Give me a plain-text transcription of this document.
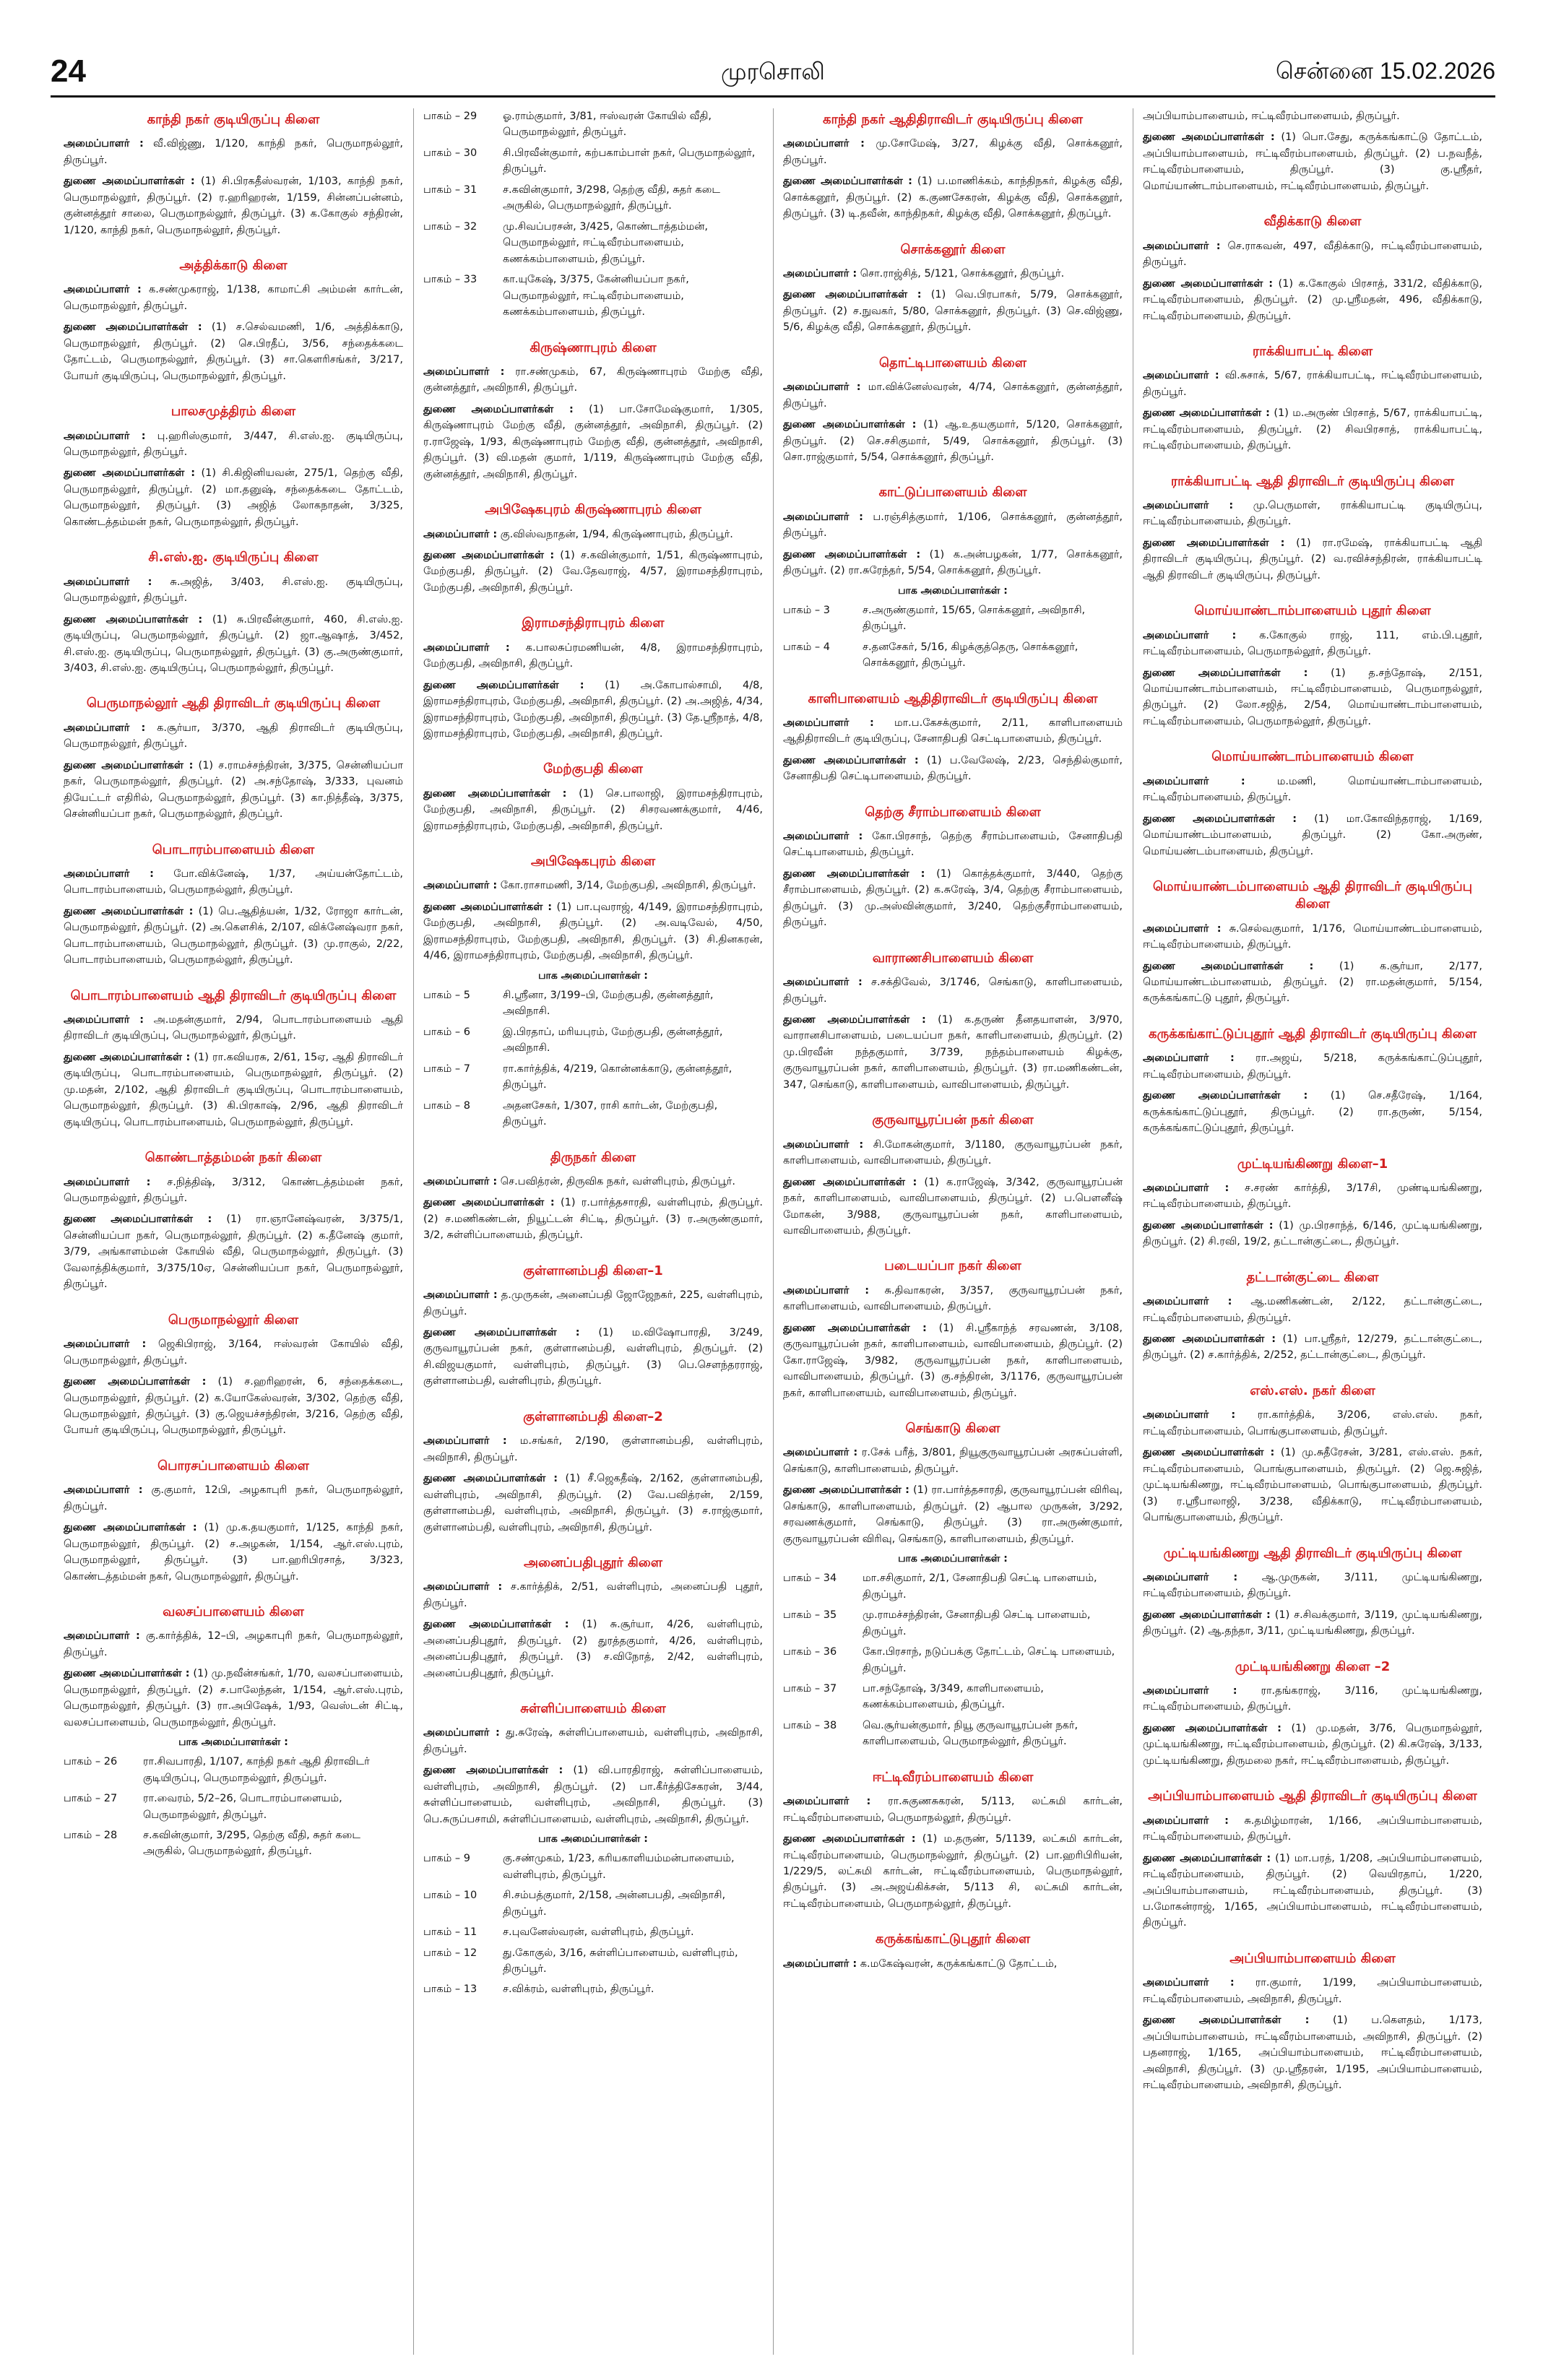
24	முரசொலி	சென்னை 15.02.2026
காந்தி நகர் குடியிருப்பு கிளை
அமைப்பாளர் : வீ.விஜ்ணு, 1/120, காந்தி நகர், பெருமாநல்லூர், திருப்பூர்.
துணை அமைப்பாளர்கள் : (1) சி.பிரகதீஸ்வரன், 1/103, காந்தி நகர், பெருமாநல்லூர், திருப்பூர். (2) ர.ஹரிஹரன், 1/159, சின்னப்பன்னம், குன்னத்தூர் சாலை, பெருமாநல்லூர், திருப்பூர். (3) க.கோகுல் சந்திரன், 1/120, காந்தி நகர், பெருமாநல்லூர், திருப்பூர்.
அத்திக்காடு கிளை
அமைப்பாளர் : க.சண்முகராஜ், 1/138, காமாட்சி அம்மன் கார்டன், பெருமாநல்லூர், திருப்பூர்.
துணை அமைப்பாளர்கள் : (1) ச.செல்வமணி, 1/6, அத்திக்காடு, பெருமாநல்லூர், திருப்பூர். (2) செ.பிரதீப், 3/56, சந்தைக்கடை தோட்டம், பெருமாநல்லூர், திருப்பூர். (3) சா.கௌரிசங்கர், 3/217, போயர் குடியிருப்பு, பெருமாநல்லூர், திருப்பூர்.
பாலசமுத்திரம் கிளை
அமைப்பாளர் : பு.ஹரிஸ்குமார், 3/447, சி.எஸ்.ஐ. குடியிருப்பு, பெருமாநல்லூர், திருப்பூர்.
துணை அமைப்பாளர்கள் : (1) சி.கிஜினியவன், 275/1, தெற்கு வீதி, பெருமாநல்லூர், திருப்பூர். (2) மா.தனுஷ், சந்தைக்கடை தோட்டம், பெருமாநல்லூர், திருப்பூர். (3) அஜித் லோகநாதன், 3/325, கொண்டத்தம்மன் நகர், பெருமாநல்லூர், திருப்பூர்.
சி.எஸ்.ஐ. குடியிருப்பு கிளை
அமைப்பாளர் : சு.அஜித், 3/403, சி.எஸ்.ஐ. குடியிருப்பு, பெருமாநல்லூர், திருப்பூர்.
துணை அமைப்பாளர்கள் : (1) சு.பிரவீன்குமார், 460, சி.எஸ்.ஐ. குடியிருப்பு, பெருமாநல்லூர், திருப்பூர். (2) ஜா.ஆஷாத், 3/452, சி.எஸ்.ஐ. குடியிருப்பு, பெருமாநல்லூர், திருப்பூர். (3) கு.அருண்குமார், 3/403, சி.எஸ்.ஐ. குடியிருப்பு, பெருமாநல்லூர், திருப்பூர்.
பெருமாநல்லூர் ஆதி திராவிடர் குடியிருப்பு கிளை
அமைப்பாளர் : க.சூர்யா, 3/370, ஆதி திராவிடர் குடியிருப்பு, பெருமாநல்லூர், திருப்பூர்.
துணை அமைப்பாளர்கள் : (1) ச.ராமச்சந்திரன், 3/375, சென்னியப்பா நகர், பெருமாநல்லூர், திருப்பூர். (2) அ.சந்தோஷ், 3/333, புவனம் தியேட்டர் எதிரில், பெருமாநல்லூர், திருப்பூர். (3) கா.நித்தீஷ், 3/375, சென்னியப்பா நகர், பெருமாநல்லூர், திருப்பூர்.
பொடாரம்பாளையம் கிளை
அமைப்பாளர் : போ.விக்னேஷ், 1/37, அய்யன்தோட்டம், பொடாரம்பாளையம், பெருமாநல்லூர், திருப்பூர்.
துணை அமைப்பாளர்கள் : (1) பெ.ஆதித்யன், 1/32, ரோஜா கார்டன், பெருமாநல்லூர், திருப்பூர். (2) அ.கௌசிக், 2/107, விக்னேஷ்வரா நகர், பொடாரம்பாளையம், பெருமாநல்லூர், திருப்பூர். (3) மு.ராகுல், 2/22, பொடாரம்பாளையம், பெருமாநல்லூர், திருப்பூர்.
பொடாரம்பாளையம் ஆதி திராவிடர் குடியிருப்பு கிளை
அமைப்பாளர் : அ.மதன்குமார், 2/94, பொடாரம்பாளையம் ஆதி திராவிடர் குடியிருப்பு, பெருமாநல்லூர், திருப்பூர்.
துணை அமைப்பாளர்கள் : (1) ரா.கவியரசு, 2/61, 15ஏ, ஆதி திராவிடர் குடியிருப்பு, பொடாரம்பாளையம், பெருமாநல்லூர், திருப்பூர். (2) மு.மதன், 2/102, ஆதி திராவிடர் குடியிருப்பு, பொடாரம்பாளையம், பெருமாநல்லூர், திருப்பூர். (3) கி.பிரகாஷ், 2/96, ஆதி திராவிடர் குடியிருப்பு, பொடாரம்பாளையம், பெருமாநல்லூர், திருப்பூர்.
கொண்டாத்தம்மன் நகர் கிளை
அமைப்பாளர் : ச.நித்திஷ், 3/312, கொண்டத்தம்மன் நகர், பெருமாநல்லூர், திருப்பூர்.
துணை அமைப்பாளர்கள் : (1) ரா.ஞானேஷ்வரன், 3/375/1, சென்னியப்பா நகர், பெருமாநல்லூர், திருப்பூர். (2) க.தீனேஷ் குமார், 3/79, அங்காளம்மன் கோயில் வீதி, பெருமாநல்லூர், திருப்பூர். (3) வேலாத்திக்குமார், 3/375/10ஏ, சென்னியப்பா நகர், பெருமாநல்லூர், திருப்பூர்.
பெருமாநல்லூர் கிளை
அமைப்பாளர் : ஜெகிபிராஜ், 3/164, ஈஸ்வரன் கோயில் வீதி, பெருமாநல்லூர், திருப்பூர்.
துணை அமைப்பாளர்கள் : (1) ச.ஹரிஹரன், 6, சந்தைக்கடை, பெருமாநல்லூர், திருப்பூர். (2) க.யோகேஸ்வரன், 3/302, தெற்கு வீதி, பெருமாநல்லூர், திருப்பூர். (3) கு.ஜெயச்சந்திரன், 3/216, தெற்கு வீதி, போயர் குடியிருப்பு, பெருமாநல்லூர், திருப்பூர்.
பொரசப்பாளையம் கிளை
அமைப்பாளர் : கு.குமார், 12பி, அழகாபுரி நகர், பெருமாநல்லூர், திருப்பூர்.
துணை அமைப்பாளர்கள் : (1) மு.க.தயகுமார், 1/125, காந்தி நகர், பெருமாநல்லூர், திருப்பூர். (2) ச.அழகன், 1/154, ஆர்.எஸ்.புரம், பெருமாநல்லூர், திருப்பூர். (3) பா.ஹரிபிரசாத், 3/323, கொண்டத்தம்மன் நகர், பெருமாநல்லூர், திருப்பூர்.
வலசப்பாளையம் கிளை
அமைப்பாளர் : கு.கார்த்திக், 12–பி, அழகாபுரி நகர், பெருமாநல்லூர், திருப்பூர்.
துணை அமைப்பாளர்கள் : (1) மு.நவீன்சங்கர், 1/70, வலசப்பாளையம், பெருமாநல்லூர், திருப்பூர். (2) ச.பாலேந்தன், 1/154, ஆர்.எஸ்.புரம், பெருமாநல்லூர், திருப்பூர். (3) ரா.அபிஷேக், 1/93, வெஸ்டன் சிட்டி, வலசப்பாளையம், பெருமாநல்லூர், திருப்பூர்.
பாக அமைப்பாளர்கள் :
பாகம் – 26	ரா.சிவபாரதி, 1/107, காந்தி நகர் ஆதி திராவிடர் குடியிருப்பு, பெருமாநல்லூர், திருப்பூர்.
பாகம் – 27	ரா.வைரம், 5/2–26, பொடாரம்பாளையம், பெருமாநல்லூர், திருப்பூர்.
பாகம் – 28	ச.கவின்குமார், 3/295, தெற்கு வீதி, சுதர் கடை அருகில், பெருமாநல்லூர், திருப்பூர்.
பாகம் – 29	ஓ.ராம்குமார், 3/81, ஈஸ்வரன் கோயில் வீதி, பெருமாநல்லூர், திருப்பூர்.
பாகம் – 30	சி.பிரவீன்குமார், கற்பகாம்பாள் நகர், பெருமாநல்லூர், திருப்பூர்.
பாகம் – 31	ச.கவின்குமார், 3/298, தெற்கு வீதி, சுதர் கடை அருகில், பெருமாநல்லூர், திருப்பூர்.
பாகம் – 32	மு.சிவப்பரசன், 3/425, கொண்டாத்தம்மன், பெருமாநல்லூர், ஈட்டிவீரம்பாளையம், கணக்கம்பாளையம், திருப்பூர்.
பாகம் – 33	கா.யுகேஷ், 3/375, கேன்னியப்பா நகர், பெருமாநல்லூர், ஈட்டிவீரம்பாளையம், கணக்கம்பாளையம், திருப்பூர்.
கிருஷ்ணாபுரம் கிளை
அமைப்பாளர் : ரா.சண்முகம், 67, கிருஷ்ணாபுரம் மேற்கு வீதி, குன்னத்தூர், அவிநாசி, திருப்பூர்.
துணை அமைப்பாளர்கள் : (1) பா.சோமேஷ்குமார், 1/305, கிருஷ்ணாபுரம் மேற்கு வீதி, குன்னத்தூர், அவிநாசி, திருப்பூர். (2) ர.ராஜேஷ், 1/93, கிருஷ்ணாபுரம் மேற்கு வீதி, குன்னத்தூர், அவிநாசி, திருப்பூர். (3) வி.மதன் குமார், 1/119, கிருஷ்ணாபுரம் மேற்கு வீதி, குன்னத்தூர், அவிநாசி, திருப்பூர்.
அபிஷேகபுரம் கிருஷ்ணாபுரம் கிளை
அமைப்பாளர் : கு.விஸ்வநாதன், 1/94, கிருஷ்ணாபுரம், திருப்பூர்.
துணை அமைப்பாளர்கள் : (1) ச.கவின்குமார், 1/51, கிருஷ்ணாபுரம், மேற்குபதி, திருப்பூர். (2) வே.தேவராஜ், 4/57, இராமசந்திராபுரம், மேற்குபதி, அவிநாசி, திருப்பூர்.
இராமசந்திராபுரம் கிளை
அமைப்பாளர் : க.பாலசுப்ரமணியன், 4/8, இராமசந்திராபுரம், மேற்குபதி, அவிநாசி, திருப்பூர்.
துணை அமைப்பாளர்கள் : (1) அ.கோபால்சாமி, 4/8, இராமசந்திராபுரம், மேற்குபதி, அவிநாசி, திருப்பூர். (2) அ.அஜித், 4/34, இராமசந்திராபுரம், மேற்குபதி, அவிநாசி, திருப்பூர். (3) தே.ஸ்ரீநாத், 4/8, இராமசந்திராபுரம், மேற்குபதி, அவிநாசி, திருப்பூர்.
மேற்குபதி கிளை
துணை அமைப்பாளர்கள் : (1) செ.பாலாஜி, இராமசந்திராபுரம், மேற்குபதி, அவிநாசி, திருப்பூர். (2) சிசரவணக்குமார், 4/46, இராமசந்திராபுரம், மேற்குபதி, அவிநாசி, திருப்பூர்.
அபிஷேகபுரம் கிளை
அமைப்பாளர் : கோ.ராசாமணி, 3/14, மேற்குபதி, அவிநாசி, திருப்பூர்.
துணை அமைப்பாளர்கள் : (1) பா.புவராஜ், 4/149, இராமசந்திராபுரம், மேற்குபதி, அவிநாசி, திருப்பூர். (2) அ.வடிவேல், 4/50, இராமசந்திராபுரம், மேற்குபதி, அவிநாசி, திருப்பூர். (3) சி.தினகரன், 4/46, இராமசந்திராபுரம், மேற்குபதி, அவிநாசி, திருப்பூர்.
பாக அமைப்பாளர்கள் :
பாகம் – 5	சி.ஸ்ரீனா, 3/199–பி, மேற்குபதி, குன்னத்தூர், அவிநாசி.
பாகம் – 6	இ.பிரதாப், மரியபுரம், மேற்குபதி, குன்னத்தூர், அவிநாசி.
பாகம் – 7	ரா.கார்த்திக், 4/219, கொன்னக்காடு, குன்னத்தூர், திருப்பூர்.
பாகம் – 8	அதனசேகர், 1/307, ராசி கார்டன், மேற்குபதி, திருப்பூர்.
திருநகர் கிளை
அமைப்பாளர் : செ.பவித்ரன், திருவிக நகர், வள்ளிபுரம், திருப்பூர்.
துணை அமைப்பாளர்கள் : (1) ர.பார்த்தசாரதி, வள்ளிபுரம், திருப்பூர். (2) ச.மணிகண்டன், நியூட்டன் சிட்டி, திருப்பூர். (3) ர.அருண்குமார், 3/2, சுள்ளிப்பாளையம், திருப்பூர்.
குள்ளானம்பதி கிளை–1
அமைப்பாளர் : த.முருகன், அனைப்பதி ஜோஜேநகர், 225, வள்ளிபுரம், திருப்பூர்.
துணை அமைப்பாளர்கள் : (1) ம.விஷோபாரதி, 3/249, குருவாயூரப்பன் நகர், குள்ளானம்பதி, வள்ளிபுரம், திருப்பூர். (2) சி.விஜயகுமார், வள்ளிபுரம், திருப்பூர். (3) பெ.சௌந்தரராஜ், குள்ளானம்பதி, வள்ளிபுரம், திருப்பூர்.
குள்ளானம்பதி கிளை–2
அமைப்பாளர் : ம.சங்கர், 2/190, குள்ளானம்பதி, வள்ளிபுரம், அவிநாசி, திருப்பூர்.
துணை அமைப்பாளர்கள் : (1) சீ.ஜெகதீஷ், 2/162, குள்ளானம்பதி, வள்ளிபுரம், அவிநாசி, திருப்பூர். (2) வே.பவித்ரன், 2/159, குள்ளானம்பதி, வள்ளிபுரம், அவிநாசி, திருப்பூர். (3) ச.ராஜ்குமார், குள்ளானம்பதி, வள்ளிபுரம், அவிநாசி, திருப்பூர்.
அனைப்பதிபுதூர் கிளை
அமைப்பாளர் : ச.கார்த்திக், 2/51, வள்ளிபுரம், அனைப்பதி புதூர், திருப்பூர்.
துணை அமைப்பாளர்கள் : (1) சு.சூர்யா, 4/26, வள்ளிபுரம், அனைப்பதிபுதூர், திருப்பூர். (2) துரத்தகுமார், 4/26, வள்ளிபுரம், அனைப்பதிபுதூர், திருப்பூர். (3) ச.விநோத், 2/42, வள்ளிபுரம், அனைப்பதிபுதூர், திருப்பூர்.
சுள்ளிப்பாளையம் கிளை
அமைப்பாளர் : து.சுரேஷ், சுள்ளிப்பாளையம், வள்ளிபுரம், அவிநாசி, திருப்பூர்.
துணை அமைப்பாளர்கள் : (1) வி.பாரதிராஜ், சுள்ளிப்பாளையம், வள்ளிபுரம், அவிநாசி, திருப்பூர். (2) பா.கீர்த்திசேகரன், 3/44, சுள்ளிப்பாளையம், வள்ளிபுரம், அவிநாசி, திருப்பூர். (3) பெ.சுருப்பசாமி, சுள்ளிப்பாளையம், வள்ளிபுரம், அவிநாசி, திருப்பூர்.
பாக அமைப்பாளர்கள் :
பாகம் – 9	கு.சண்முகம், 1/23, கரியகாளியம்மன்பாளையம், வள்ளிபுரம், திருப்பூர்.
பாகம் – 10	சி.சம்பத்குமார், 2/158, அன்னபபதி, அவிநாசி, திருப்பூர்.
பாகம் – 11	ச.புவனேஸ்வரன், வள்ளிபுரம், திருப்பூர்.
பாகம் – 12	து.கோகுல், 3/16, சுள்ளிப்பாளையம், வள்ளிபுரம், திருப்பூர்.
பாகம் – 13	ச.விக்ரம், வள்ளிபுரம், திருப்பூர்.
காந்தி நகர் ஆதிதிராவிடர் குடியிருப்பு கிளை
அமைப்பாளர் : மு.சோமேஷ், 3/27, கிழக்கு வீதி, சொக்கனூர், திருப்பூர்.
துணை அமைப்பாளர்கள் : (1) ப.மாணிக்கம், காந்திநகர், கிழக்கு வீதி, சொக்கனூர், திருப்பூர். (2) க.குணசேகரன், கிழக்கு வீதி, சொக்கனூர், திருப்பூர். (3) டி.தவீன், காந்திநகர், கிழக்கு வீதி, சொக்கனூர், திருப்பூர்.
சொக்கனூர் கிளை
அமைப்பாளர் : சொ.ராஜ்சித், 5/121, சொக்கனூர், திருப்பூர்.
துணை அமைப்பாளர்கள் : (1) வெ.பிரபாகர், 5/79, சொக்கனூர், திருப்பூர். (2) ச.நுவகர், 5/80, சொக்கனூர், திருப்பூர். (3) செ.விஜ்ணு, 5/6, கிழக்கு வீதி, சொக்கனூர், திருப்பூர்.
தொட்டிபாளையம் கிளை
அமைப்பாளர் : மா.விக்னேஸ்வரன், 4/74, சொக்கனூர், குன்னத்தூர், திருப்பூர்.
துணை அமைப்பாளர்கள் : (1) ஆ.உதயகுமார், 5/120, சொக்கனூர், திருப்பூர். (2) செ.சசிகுமார், 5/49, சொக்கனூர், திருப்பூர். (3) சொ.ராஜ்குமார், 5/54, சொக்கனூர், திருப்பூர்.
காட்டுப்பாளையம் கிளை
அமைப்பாளர் : ப.ரஞ்சித்குமார், 1/106, சொக்கனூர், குன்னத்தூர், திருப்பூர்.
துணை அமைப்பாளர்கள் : (1) க.அன்பழகன், 1/77, சொக்கனூர், திருப்பூர். (2) ரா.சுரேந்தர், 5/54, சொக்கனூர், திருப்பூர்.
பாக அமைப்பாளர்கள் :
பாகம் – 3	ச.அருண்குமார், 15/65, சொக்கனூர், அவிநாசி, திருப்பூர்.
பாகம் – 4	ச.தனசேகர், 5/16, கிழக்குத்தெரு, சொக்கனூர், சொக்கனூர், திருப்பூர்.
காளிபாளையம் ஆதிதிராவிடர் குடியிருப்பு கிளை
அமைப்பாளர் : மா.ப.கேசக்குமார், 2/11, காளிபாளையம் ஆதிதிராவிடர் குடியிருப்பு, சேனாதிபதி செட்டிபாளையம், திருப்பூர்.
துணை அமைப்பாளர்கள் : (1) ப.வேலேஷ், 2/23, செந்தில்குமார், சேனாதிபதி செட்டிபாளையம், திருப்பூர்.
தெற்கு சீராம்பாளையம் கிளை
அமைப்பாளர் : கோ.பிரசாந், தெற்கு சீராம்பாளையம், சேனாதிபதி செட்டிபாளையம், திருப்பூர்.
துணை அமைப்பாளர்கள் : (1) கொத்தக்குமார், 3/440, தெற்கு சீராம்பாளையம், திருப்பூர். (2) க.சுரேஷ், 3/4, தெற்கு சீராம்பாளையம், திருப்பூர். (3) மு.அஸ்வின்குமார், 3/240, தெற்குசீராம்பாளையம், திருப்பூர்.
வாராணசிபாளையம் கிளை
அமைப்பாளர் : ச.சக்திவேல், 3/1746, செங்காடு, காளிபாளையம், திருப்பூர்.
துணை அமைப்பாளர்கள் : (1) க.தருண் தீனதயாளன், 3/970, வாரானசிபாளையம், படையப்பா நகர், காளிபாளையம், திருப்பூர். (2) மு.பிரவீன் நந்தகுமார், 3/739, நந்தம்பாளையம் கிழக்கு, குருவாயூரப்பன் நகர், காளிபாளையம், திருப்பூர். (3) ரா.மணிகண்டன், 347, செங்காடு, காளிபாளையம், வாவிபாளையம், திருப்பூர்.
குருவாயூரப்பன் நகர் கிளை
அமைப்பாளர் : சி.மோகன்குமார், 3/1180, குருவாயூரப்பன் நகர், காளிபாளையம், வாவிபாளையம், திருப்பூர்.
துணை அமைப்பாளர்கள் : (1) க.ராஜேஷ், 3/342, குருவாயூரப்பன் நகர், காளிபாளையம், வாவிபாளையம், திருப்பூர். (2) ப.பௌனீஷ் மோகன், 3/988, குருவாயூரப்பன் நகர், காளிபாளையம், வாவிபாளையம், திருப்பூர்.
படையப்பா நகர் கிளை
அமைப்பாளர் : சு.திவாகரன், 3/357, குருவாயூரப்பன் நகர், காளிபாளையம், வாவிபாளையம், திருப்பூர்.
துணை அமைப்பாளர்கள் : (1) சி.ஸ்ரீகாந்த் சரவணன், 3/108, குருவாயூரப்பன் நகர், காளிபாளையம், வாவிபாளையம், திருப்பூர். (2) கோ.ராஜேஷ், 3/982, குருவாயூரப்பன் நகர், காளிபாளையம், வாவிபாளையம், திருப்பூர். (3) கு.சந்திரன், 3/1176, குருவாயூரப்பன் நகர், காளிபாளையம், வாவிபாளையம், திருப்பூர்.
செங்காடு கிளை
அமைப்பாளர் : ர.சேக் பரீத், 3/801, நியூகுருவாயூரப்பன் அரசுப்பள்ளி, செங்காடு, காளிபாளையம், திருப்பூர்.
துணை அமைப்பாளர்கள் : (1) ரா.பார்த்தசாரதி, குருவாயூரப்பன் விரிவு, செங்காடு, காளிபாளையம், திருப்பூர். (2) ஆபால முருகன், 3/292, சரவணக்குமார், செங்காடு, திருப்பூர். (3) ரா.அருண்குமார், குருவாயூரப்பன் விரிவு, செங்காடு, காளிபாளையம், திருப்பூர்.
பாக அமைப்பாளர்கள் :
பாகம் – 34	மா.சசிகுமார், 2/1, சேனாதிபதி செட்டி பாளையம், திருப்பூர்.
பாகம் – 35	மு.ராமச்சந்திரன், சேனாதிபதி செட்டி பாளையம், திருப்பூர்.
பாகம் – 36	கோ.பிரசாந், நடுப்பக்கு தோட்டம், செட்டி பாளையம், திருப்பூர்.
பாகம் – 37	பா.சந்தோஷ், 3/349, காளிபாளையம், கணக்கம்பாளையம், திருப்பூர்.
பாகம் – 38	வெ.சூர்யன்குமார், நியூ குருவாயூரப்பன் நகர், காளிபாளையம், பெருமாநல்லூர், திருப்பூர்.
ஈட்டிவீரம்பாளையம் கிளை
அமைப்பாளர் : ரா.சுகுணசுகரன், 5/113, லட்சுமி கார்டன், ஈட்டிவீரம்பாளையம், பெருமாநல்லூர், திருப்பூர்.
துணை அமைப்பாளர்கள் : (1) ம.தருண், 5/1139, லட்சுமி கார்டன், ஈட்டிவீரம்பாளையம், பெருமாநல்லூர், திருப்பூர். (2) பா.ஹரிபிரியன், 1/229/5, லட்சுமி கார்டன், ஈட்டிவீரம்பாளையம், பெருமாநல்லூர், திருப்பூர். (3) அ.அஜய்கிக்சன், 5/113 சி, லட்சுமி கார்டன், ஈட்டிவீரம்பாளையம், பெருமாநல்லூர், திருப்பூர்.
கருக்கங்காட்டுபுதூர் கிளை
அமைப்பாளர் : க.மகேஷ்வரன், கருக்கங்காட்டு தோட்டம்,
அப்பியாம்பாளையம், ஈட்டிவீரம்பாளையம், திருப்பூர்.
துணை அமைப்பாளர்கள் : (1) பொ.சேது, கருக்கங்காட்டு தோட்டம், அப்பியாம்பாளையம், ஈட்டிவீரம்பாளையம், திருப்பூர். (2) ப.நவநீத், ஈட்டிவீரம்பாளையம், திருப்பூர். (3) கு.ஸ்ரீதர், மொய்யாண்டாம்பாளையம், ஈட்டிவீரம்பாளையம், திருப்பூர்.
வீதிக்காடு கிளை
அமைப்பாளர் : செ.ராகவன், 497, வீதிக்காடு, ஈட்டிவீரம்பாளையம், திருப்பூர்.
துணை அமைப்பாளர்கள் : (1) க.கோகுல் பிரசாத், 331/2, வீதிக்காடு, ஈட்டிவீரம்பாளையம், திருப்பூர். (2) மு.ஸ்ரீமதன், 496, வீதிக்காடு, ஈட்டிவீரம்பாளையம், திருப்பூர்.
ராக்கியாபட்டி கிளை
அமைப்பாளர் : வி.சுசாக், 5/67, ராக்கியாபட்டி, ஈட்டிவீரம்பாளையம், திருப்பூர்.
துணை அமைப்பாளர்கள் : (1) ம.அருண் பிரசாத், 5/67, ராக்கியாபட்டி, ஈட்டிவீரம்பாளையம், திருப்பூர். (2) சிவபிரசாத், ராக்கியாபட்டி, ஈட்டிவீரம்பாளையம், திருப்பூர்.
ராக்கியாபட்டி ஆதி திராவிடர் குடியிருப்பு கிளை
அமைப்பாளர் : மு.பெருமாள், ராக்கியாபட்டி குடியிருப்பு, ஈட்டிவீரம்பாளையம், திருப்பூர்.
துணை அமைப்பாளர்கள் : (1) ரா.ரமேஷ், ராக்கியாபட்டி ஆதி திராவிடர் குடியிருப்பு, திருப்பூர். (2) வ.ரவிச்சந்திரன், ராக்கியாபட்டி ஆதி திராவிடர் குடியிருப்பு, திருப்பூர்.
மொய்யாண்டாம்பாளையம் புதூர் கிளை
அமைப்பாளர் : க.கோகுல் ராஜ், 111, எம்.பி.புதூர், ஈட்டிவீரம்பாளையம், பெருமாநல்லூர், திருப்பூர்.
துணை அமைப்பாளர்கள் : (1) த.சந்தோஷ், 2/151, மொய்யாண்டாம்பாளையம், ஈட்டிவீரம்பாளையம், பெருமாநல்லூர், திருப்பூர். (2) லோ.சஜித், 2/54, மொய்யாண்டாம்பாளையம், ஈட்டிவீரம்பாளையம், பெருமாநல்லூர், திருப்பூர்.
மொய்யாண்டாம்பாளையம் கிளை
அமைப்பாளர் :	ம.மணி, மொய்யாண்டாம்பாளையம், ஈட்டிவீரம்பாளையம், திருப்பூர்.
துணை அமைப்பாளர்கள் : (1) மா.கோவிந்தராஜ், 1/169, மொய்யாண்டம்பாளையம், திருப்பூர். (2) கோ.அருண், மொய்யண்டம்பாளையம், திருப்பூர்.
மொய்யாண்டம்பாளையம் ஆதி திராவிடர் குடியிருப்பு கிளை
அமைப்பாளர் : சு.செல்வகுமார், 1/176, மொய்யாண்டம்பாளையம், ஈட்டிவீரம்பாளையம், திருப்பூர்.
துணை அமைப்பாளர்கள் : (1) க.சூர்யா, 2/177, மொய்யாண்டம்பாளையம், திருப்பூர். (2) ரா.மதன்குமார், 5/154, கருக்கங்காட்டு புதூர், திருப்பூர்.
கருக்கங்காட்டுப்புதூர் ஆதி திராவிடர் குடியிருப்பு கிளை
அமைப்பாளர் : ரா.அஜய், 5/218, கருக்கங்காட்டுப்புதூர், ஈட்டிவீரம்பாளையம், திருப்பூர்.
துணை அமைப்பாளர்கள் : (1) செ.சதீரேஷ், 1/164, கருக்கங்காட்டுப்புதூர், திருப்பூர். (2) ரா.தருண், 5/154, கருக்கங்காட்டுப்புதூர், திருப்பூர்.
முட்டியங்கிணறு கிளை–1
அமைப்பாளர் : ச.சரண் கார்த்தி, 3/17சி, முண்டியங்கிணறு, ஈட்டிவீரம்பாளையம், திருப்பூர்.
துணை அமைப்பாளர்கள் : (1) மு.பிரசாந்த், 6/146, முட்டியங்கிணறு, திருப்பூர். (2) சி.ரவி, 19/2, தட்டான்குட்டை, திருப்பூர்.
தட்டான்குட்டை கிளை
அமைப்பாளர் : ஆ.மணிகண்டன், 2/122, தட்டான்குட்டை, ஈட்டிவீரம்பாளையம், திருப்பூர்.
துணை அமைப்பாளர்கள் : (1) பா.ஸ்ரீதர், 12/279, தட்டான்குட்டை, திருப்பூர். (2) ச.கார்த்திக், 2/252, தட்டான்குட்டை, திருப்பூர்.
எஸ்.எஸ். நகர் கிளை
அமைப்பாளர் : ரா.கார்த்திக், 3/206, எஸ்.எஸ். நகர், ஈட்டிவீரம்பாளையம், பொங்குபாளையம், திருப்பூர்.
துணை அமைப்பாளர்கள் : (1) மு.சுதீரேசன், 3/281, எஸ்.எஸ். நகர், ஈட்டிவீரம்பாளையம், பொங்குபாளையம், திருப்பூர். (2) ஜெ.சுஜித், முட்டியங்கிணறு, ஈட்டிவீரம்பாளையம், பொங்குபாளையம், திருப்பூர். (3) ர.ஸ்ரீபாலாஜி, 3/238, வீதிக்காடு, ஈட்டிவீரம்பாளையம், பொங்குபாளையம், திருப்பூர்.
முட்டியங்கிணறு ஆதி திராவிடர் குடியிருப்பு கிளை
அமைப்பாளர் : ஆ.முருகன், 3/111, முட்டியங்கிணறு, ஈட்டிவீரம்பாளையம், திருப்பூர்.
துணை அமைப்பாளர்கள் : (1) ச.சிவக்குமார், 3/119, முட்டியங்கிணறு, திருப்பூர். (2) ஆ.தந்தா, 3/11, முட்டியங்கிணறு, திருப்பூர்.
முட்டியங்கிணறு கிளை –2
அமைப்பாளர் : ரா.தங்கராஜ், 3/116, முட்டியங்கிணறு, ஈட்டிவீரம்பாளையம், திருப்பூர்.
துணை அமைப்பாளர்கள் : (1) மு.மதன், 3/76, பெருமாநல்லூர், முட்டியங்கிணறு, ஈட்டிவீரம்பாளையம், திருப்பூர். (2) கி.சுரேஷ், 3/133, முட்டியங்கிணறு, திருமலை நகர், ஈட்டிவீரம்பாளையம், திருப்பூர்.
அப்பியாம்பாளையம் ஆதி திராவிடர் குடியிருப்பு கிளை
அமைப்பாளர் : சு.தமிழ்மாரன், 1/166, அப்பியாம்பாளையம், ஈட்டிவீரம்பாளையம், திருப்பூர்.
துணை அமைப்பாளர்கள் : (1) மா.பரத், 1/208, அப்பியாம்பாளையம், ஈட்டிவீரம்பாளையம், திருப்பூர். (2) வெயிரதாப், 1/220, அப்பியாம்பாளையம், ஈட்டிவீரம்பாளையம், திருப்பூர். (3) ப.மோகன்ராஜ், 1/165, அப்பியாம்பாளையம், ஈட்டிவீரம்பாளையம், திருப்பூர்.
அப்பியாம்பாளையம் கிளை
அமைப்பாளர் : ரா.குமார், 1/199, அப்பியாம்பாளையம், ஈட்டிவீரம்பாளையம், அவிநாசி, திருப்பூர்.
துணை அமைப்பாளர்கள் : (1) ப.கௌதம், 1/173, அப்பியாம்பாளையம், ஈட்டிவீரம்பாளையம், அவிநாசி, திருப்பூர். (2) பதனராஜ், 1/165, அப்பியாம்பாளையம், ஈட்டிவீரம்பாளையம், அவிநாசி, திருப்பூர். (3) மு.ஸ்ரீதரன், 1/195, அப்பியாம்பாளையம், ஈட்டிவீரம்பாளையம், அவிநாசி, திருப்பூர்.
